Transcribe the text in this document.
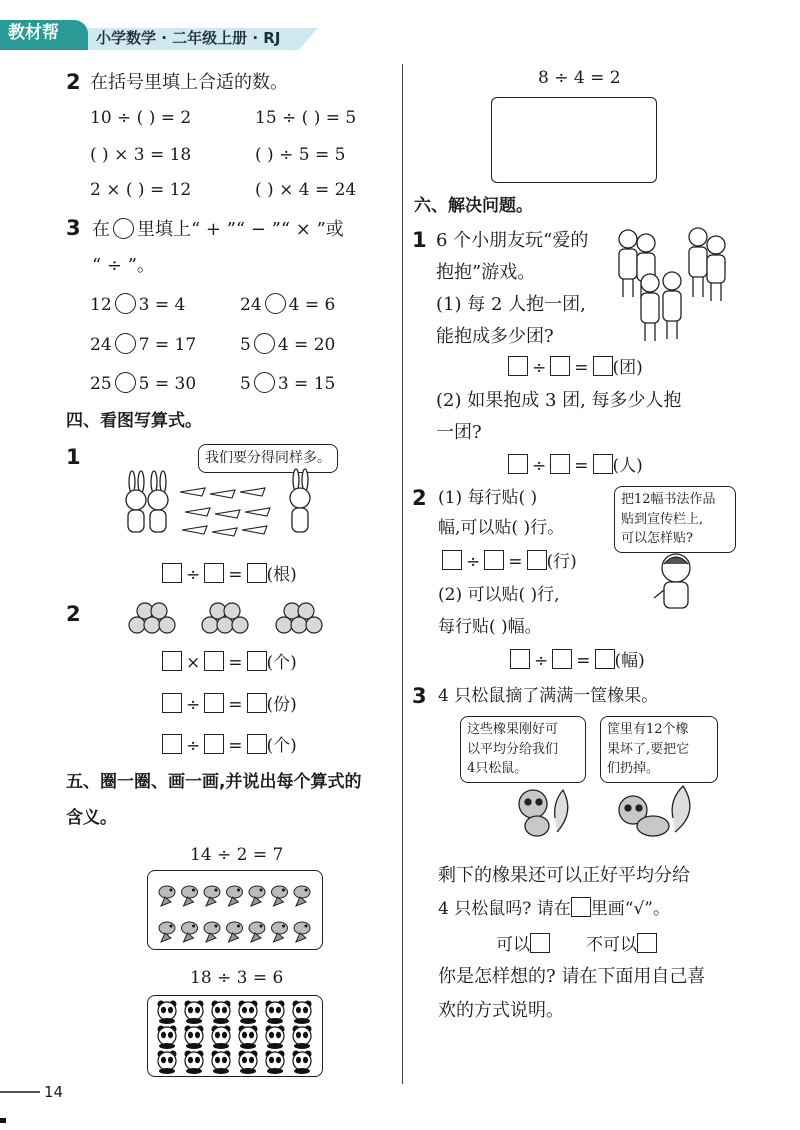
教材帮 小学数学 · 二年级上册 · RJ
2 在括号里填上合适的数。
10 ÷ ( ) = 2	15 ÷ ( ) = 5
( ) × 3 = 18	( ) ÷ 5 = 5
2 × ( ) = 12	( ) × 4 = 24
3 在 里填上“ + ”“ − ”“ × ”或
“ ÷ ”。
12 3 = 4	24 4 = 6
24 7 = 17	5 4 = 20
25 5 = 30	5 3 = 15
四、看图写算式。
1	我们要分得同样多。
÷ = (根)
2
× = (个)
÷ = (份)
÷ = (个)
五、圈一圈、画一画,并说出每个算式的
含义。
14 ÷ 2 = 7
18 ÷ 3 = 6
14
8 ÷ 4 = 2
六、解决问题。
1 6 个小朋友玩“爱的
抱抱”游戏。
(1) 每 2 人抱一团,
能抱成多少团?
÷ = (团)
(2) 如果抱成 3 团, 每多少人抱
一团?
÷ = (人)
2 (1) 每行贴( )
幅,可以贴( )行。
÷ = (行)
(2) 可以贴( )行,
每行贴( )幅。
÷ = (幅)
把12幅书法作品
贴到宣传栏上,
可以怎样贴?
3 4 只松鼠摘了满满一筐橡果。
这些橡果刚好可
以平均分给我们
4只松鼠。
筐里有12个橡
果坏了,要把它
们扔掉。
剩下的橡果还可以正好平均分给
4 只松鼠吗? 请在 里画“√”。
可以	不可以
你是怎样想的? 请在下面用自己喜
欢的方式说明。
